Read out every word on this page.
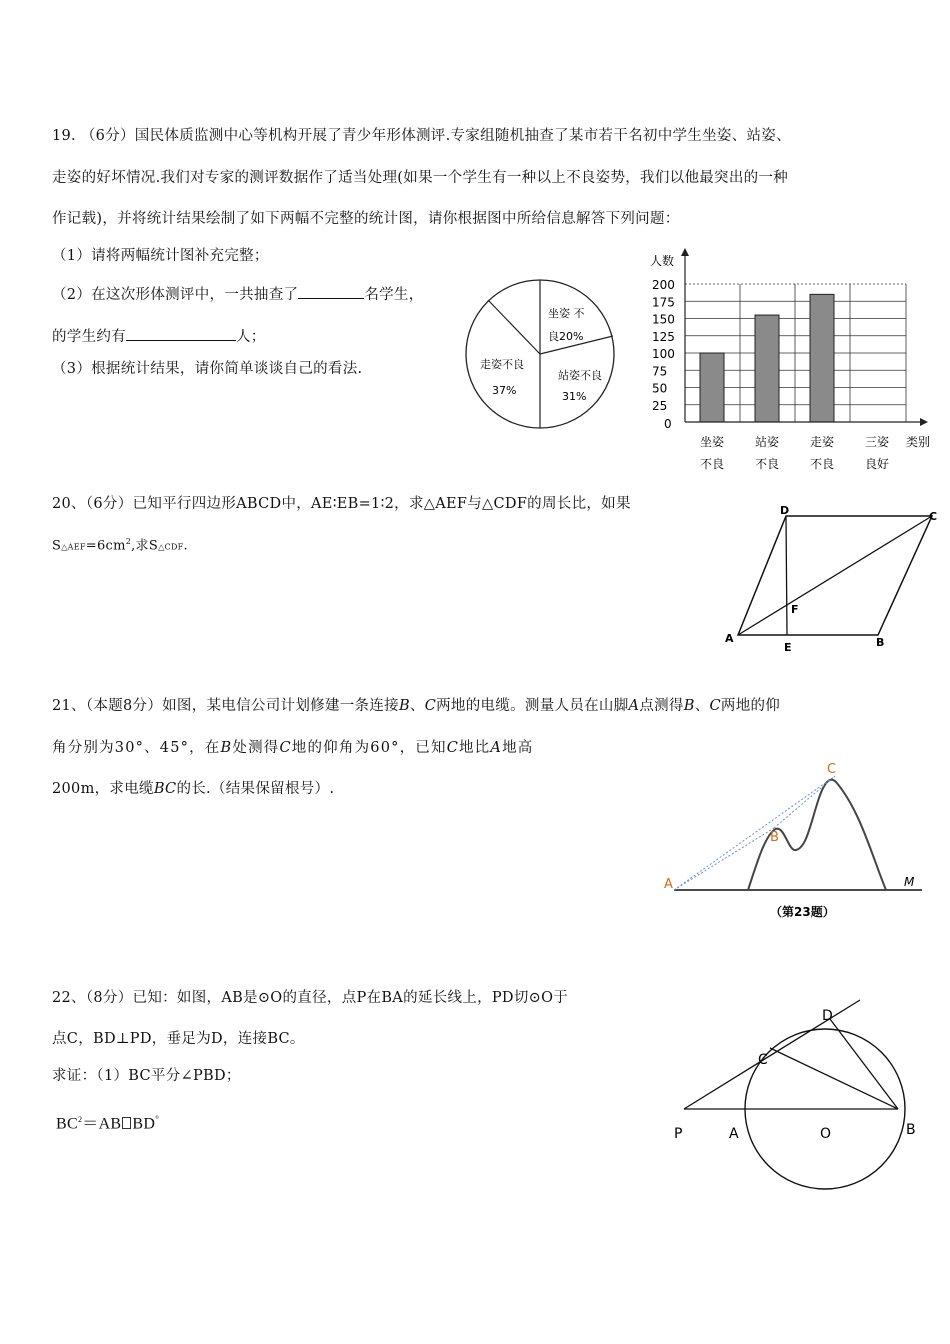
19. （6分）国民体质监测中心等机构开展了青少年形体测评.专家组随机抽查了某市若干名初中学生坐姿、站姿、
走姿的好坏情况.我们对专家的测评数据作了适当处理(如果一个学生有一种以上不良姿势，我们以他最突出的一种
作记载)，并将统计结果绘制了如下两幅不完整的统计图，请你根据图中所给信息解答下列问题：
（1）请将两幅统计图补充完整；
（2）在这次形体测评中，一共抽查了	名学生，
的学生约有	人；
（3）根据统计结果，请你简单谈谈自己的看法.
坐姿 不
良20%
站姿不良
31%
走姿不良
37%
人数
类别
0
25
50
75
100
125
150
175
200
坐姿
不良
站姿
不良
走姿
不良
三姿
良好
20、（6分）已知平行四边形ABCD中，AE∶EB=1∶2，求△AEF与△CDF的周长比，如果
$S\triangle AEF=6cm^2$,求S△CDF.
D	C
A	B
E
F
21、（本题8分）如图，某电信公司计划修建一条连接B、C两地的电缆。测量人员在山脚A点测得B、C两地的仰
角分别为30°、45°，在B处测得C地的仰角为60°，已知C地比A地高
200m，求电缆BC的长.（结果保留根号）.
A
B
C
M
（第23题）
22、（8分）已知：如图，AB是⊙O的直径，点P在BA的延长线上，PD切⊙O于
点C，BD⊥PD，垂足为D，连接BC。
求证：（1）BC平分∠PBD；
$BC^2=AB$ BD°
P	A	O	B
C
D
